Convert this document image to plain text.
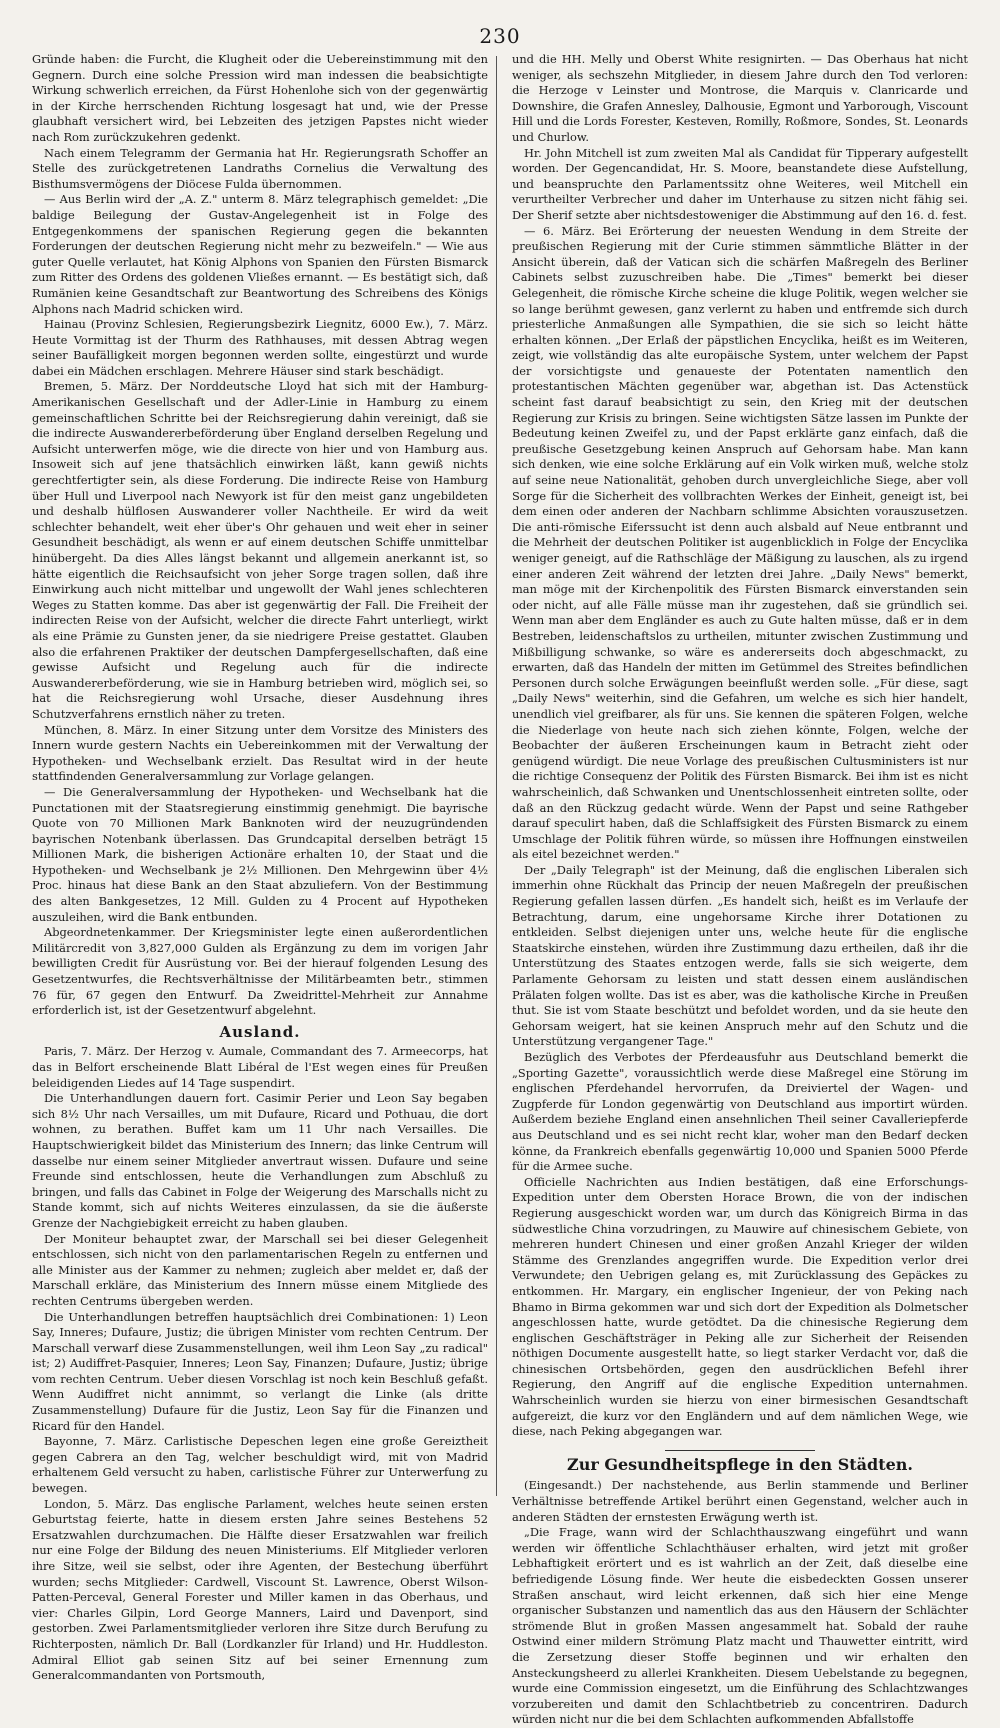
230

Gründe haben: die Furcht, die Klugheit oder die Uebereinstimmung mit den Gegnern. Durch eine solche Pression wird man indessen die beabsichtigte Wirkung schwerlich erreichen, da Fürst Hohenlohe sich von der gegenwärtig in der Kirche herrschenden Richtung losgesagt hat und, wie der Presse glaubhaft versichert wird, bei Lebzeiten des jetzigen Papstes nicht wieder nach Rom zurückzukehren gedenkt.

Nach einem Telegramm der Germania hat Hr. Regierungsrath Schoffer an Stelle des zurückgetretenen Landraths Cornelius die Verwaltung des Bisthumsvermögens der Diöcese Fulda übernommen.

— Aus Berlin wird der „A. Z." unterm 8. März telegraphisch gemeldet: „Die baldige Beilegung der Gustav-Angelegenheit ist in Folge des Entgegenkommens der spanischen Regierung gegen die bekannten Forderungen der deutschen Regierung nicht mehr zu bezweifeln." — Wie aus guter Quelle verlautet, hat König Alphons von Spanien den Fürsten Bismarck zum Ritter des Ordens des goldenen Vließes ernannt. — Es bestätigt sich, daß Rumänien keine Gesandtschaft zur Beantwortung des Schreibens des Königs Alphons nach Madrid schicken wird.

Hainau (Provinz Schlesien, Regierungsbezirk Liegnitz, 6000 Ew.), 7. März. Heute Vormittag ist der Thurm des Rathhauses, mit dessen Abtrag wegen seiner Baufälligkeit morgen begonnen werden sollte, eingestürzt und wurde dabei ein Mädchen erschlagen. Mehrere Häuser sind stark beschädigt.

Bremen, 5. März. Der Norddeutsche Lloyd hat sich mit der Hamburg-Amerikanischen Gesellschaft und der Adler-Linie in Hamburg zu einem gemeinschaftlichen Schritte bei der Reichsregierung dahin vereinigt, daß sie die indirecte Auswandererbeförderung über England derselben Regelung und Aufsicht unterwerfen möge, wie die directe von hier und von Hamburg aus. Insoweit sich auf jene thatsächlich einwirken läßt, kann gewiß nichts gerechtfertigter sein, als diese Forderung. Die indirecte Reise von Hamburg über Hull und Liverpool nach Newyork ist für den meist ganz ungebildeten und deshalb hülflosen Auswanderer voller Nachtheile. Er wird da weit schlechter behandelt, weit eher über's Ohr gehauen und weit eher in seiner Gesundheit beschädigt, als wenn er auf einem deutschen Schiffe unmittelbar hinübergeht. Da dies Alles längst bekannt und allgemein anerkannt ist, so hätte eigentlich die Reichsaufsicht von jeher Sorge tragen sollen, daß ihre Einwirkung auch nicht mittelbar und ungewollt der Wahl jenes schlechteren Weges zu Statten komme. Das aber ist gegenwärtig der Fall. Die Freiheit der indirecten Reise von der Aufsicht, welcher die directe Fahrt unterliegt, wirkt als eine Prämie zu Gunsten jener, da sie niedrigere Preise gestattet. Glauben also die erfahrenen Praktiker der deutschen Dampfergesellschaften, daß eine gewisse Aufsicht und Regelung auch für die indirecte Auswandererbeförderung, wie sie in Hamburg betrieben wird, möglich sei, so hat die Reichsregierung wohl Ursache, dieser Ausdehnung ihres Schutzverfahrens ernstlich näher zu treten.

München, 8. März. In einer Sitzung unter dem Vorsitze des Ministers des Innern wurde gestern Nachts ein Uebereinkommen mit der Verwaltung der Hypotheken- und Wechselbank erzielt. Das Resultat wird in der heute stattfindenden Generalversammlung zur Vorlage gelangen.

— Die Generalversammlung der Hypotheken- und Wechselbank hat die Punctationen mit der Staatsregierung einstimmig genehmigt. Die bayrische Quote von 70 Millionen Mark Banknoten wird der neuzugründenden bayrischen Notenbank überlassen. Das Grundcapital derselben beträgt 15 Millionen Mark, die bisherigen Actionäre erhalten 10, der Staat und die Hypotheken- und Wechselbank je 2½ Millionen. Den Mehrgewinn über 4½ Proc. hinaus hat diese Bank an den Staat abzuliefern. Von der Bestimmung des alten Bankgesetzes, 12 Mill. Gulden zu 4 Procent auf Hypotheken auszuleihen, wird die Bank entbunden.

Abgeordnetenkammer. Der Kriegsminister legte einen außerordentlichen Militärcredit von 3,827,000 Gulden als Ergänzung zu dem im vorigen Jahr bewilligten Credit für Ausrüstung vor. Bei der hierauf folgenden Lesung des Gesetzentwurfes, die Rechtsverhältnisse der Militärbeamten betr., stimmen 76 für, 67 gegen den Entwurf. Da Zweidrittel-Mehrheit zur Annahme erforderlich ist, ist der Gesetzentwurf abgelehnt.

Ausland.

Paris, 7. März. Der Herzog v. Aumale, Commandant des 7. Armeecorps, hat das in Belfort erscheinende Blatt Libéral de l'Est wegen eines für Preußen beleidigenden Liedes auf 14 Tage suspendirt.

Die Unterhandlungen dauern fort. Casimir Perier und Leon Say begaben sich 8½ Uhr nach Versailles, um mit Dufaure, Ricard und Pothuau, die dort wohnen, zu berathen. Buffet kam um 11 Uhr nach Versailles. Die Hauptschwierigkeit bildet das Ministerium des Innern; das linke Centrum will dasselbe nur einem seiner Mitglieder anvertraut wissen. Dufaure und seine Freunde sind entschlossen, heute die Verhandlungen zum Abschluß zu bringen, und falls das Cabinet in Folge der Weigerung des Marschalls nicht zu Stande kommt, sich auf nichts Weiteres einzulassen, da sie die äußerste Grenze der Nachgiebigkeit erreicht zu haben glauben.

Der Moniteur behauptet zwar, der Marschall sei bei dieser Gelegenheit entschlossen, sich nicht von den parlamentarischen Regeln zu entfernen und alle Minister aus der Kammer zu nehmen; zugleich aber meldet er, daß der Marschall erkläre, das Ministerium des Innern müsse einem Mitgliede des rechten Centrums übergeben werden.

Die Unterhandlungen betreffen hauptsächlich drei Combinationen: 1) Leon Say, Inneres; Dufaure, Justiz; die übrigen Minister vom rechten Centrum. Der Marschall verwarf diese Zusammenstellungen, weil ihm Leon Say „zu radical" ist; 2) Audiffret-Pasquier, Inneres; Leon Say, Finanzen; Dufaure, Justiz; übrige vom rechten Centrum. Ueber diesen Vorschlag ist noch kein Beschluß gefaßt. Wenn Audiffret nicht annimmt, so verlangt die Linke (als dritte Zusammenstellung) Dufaure für die Justiz, Leon Say für die Finanzen und Ricard für den Handel.

Bayonne, 7. März. Carlistische Depeschen legen eine große Gereiztheit gegen Cabrera an den Tag, welcher beschuldigt wird, mit von Madrid erhaltenem Geld versucht zu haben, carlistische Führer zur Unterwerfung zu bewegen.

London, 5. März. Das englische Parlament, welches heute seinen ersten Geburtstag feierte, hatte in diesem ersten Jahre seines Bestehens 52 Ersatzwahlen durchzumachen. Die Hälfte dieser Ersatzwahlen war freilich nur eine Folge der Bildung des neuen Ministeriums. Elf Mitglieder verloren ihre Sitze, weil sie selbst, oder ihre Agenten, der Bestechung überführt wurden; sechs Mitglieder: Cardwell, Viscount St. Lawrence, Oberst Wilson-Patten-Perceval, General Forester und Miller kamen in das Oberhaus, und vier: Charles Gilpin, Lord George Manners, Laird und Davenport, sind gestorben. Zwei Parlamentsmitglieder verloren ihre Sitze durch Berufung zu Richterposten, nämlich Dr. Ball (Lordkanzler für Irland) und Hr. Huddleston. Admiral Elliot gab seinen Sitz auf bei seiner Ernennung zum Generalcommandanten von Portsmouth,

und die HH. Melly und Oberst White resignirten. — Das Oberhaus hat nicht weniger, als sechszehn Mitglieder, in diesem Jahre durch den Tod verloren: die Herzoge v Leinster und Montrose, die Marquis v. Clanricarde und Downshire, die Grafen Annesley, Dalhousie, Egmont und Yarborough, Viscount Hill und die Lords Forester, Kesteven, Romilly, Roßmore, Sondes, St. Leonards und Churlow.

Hr. John Mitchell ist zum zweiten Mal als Candidat für Tipperary aufgestellt worden. Der Gegencandidat, Hr. S. Moore, beanstandete diese Aufstellung, und beanspruchte den Parlamentssitz ohne Weiteres, weil Mitchell ein verurtheilter Verbrecher und daher im Unterhause zu sitzen nicht fähig sei. Der Sherif setzte aber nichtsdestoweniger die Abstimmung auf den 16. d. fest.

— 6. März. Bei Erörterung der neuesten Wendung in dem Streite der preußischen Regierung mit der Curie stimmen sämmtliche Blätter in der Ansicht überein, daß der Vatican sich die schärfen Maßregeln des Berliner Cabinets selbst zuzuschreiben habe. Die „Times" bemerkt bei dieser Gelegenheit, die römische Kirche scheine die kluge Politik, wegen welcher sie so lange berühmt gewesen, ganz verlernt zu haben und entfremde sich durch priesterliche Anmaßungen alle Sympathien, die sie sich so leicht hätte erhalten können. „Der Erlaß der päpstlichen Encyclika, heißt es im Weiteren, zeigt, wie vollständig das alte europäische System, unter welchem der Papst der vorsichtigste und genaueste der Potentaten namentlich den protestantischen Mächten gegenüber war, abgethan ist. Das Actenstück scheint fast darauf beabsichtigt zu sein, den Krieg mit der deutschen Regierung zur Krisis zu bringen. Seine wichtigsten Sätze lassen im Punkte der Bedeutung keinen Zweifel zu, und der Papst erklärte ganz einfach, daß die preußische Gesetzgebung keinen Anspruch auf Gehorsam habe. Man kann sich denken, wie eine solche Erklärung auf ein Volk wirken muß, welche stolz auf seine neue Nationalität, gehoben durch unvergleichliche Siege, aber voll Sorge für die Sicherheit des vollbrachten Werkes der Einheit, geneigt ist, bei dem einen oder anderen der Nachbarn schlimme Absichten vorauszusetzen. Die anti-römische Eiferssucht ist denn auch alsbald auf Neue entbrannt und die Mehrheit der deutschen Politiker ist augenblicklich in Folge der Encyclika weniger geneigt, auf die Rathschläge der Mäßigung zu lauschen, als zu irgend einer anderen Zeit während der letzten drei Jahre. „Daily News" bemerkt, man möge mit der Kirchenpolitik des Fürsten Bismarck einverstanden sein oder nicht, auf alle Fälle müsse man ihr zugestehen, daß sie gründlich sei. Wenn man aber dem Engländer es auch zu Gute halten müsse, daß er in dem Bestreben, leidenschaftslos zu urtheilen, mitunter zwischen Zustimmung und Mißbilligung schwanke, so wäre es andererseits doch abgeschmackt, zu erwarten, daß das Handeln der mitten im Getümmel des Streites befindlichen Personen durch solche Erwägungen beeinflußt werden solle. „Für diese, sagt „Daily News" weiterhin, sind die Gefahren, um welche es sich hier handelt, unendlich viel greifbarer, als für uns. Sie kennen die späteren Folgen, welche die Niederlage von heute nach sich ziehen könnte, Folgen, welche der Beobachter der äußeren Erscheinungen kaum in Betracht zieht oder genügend würdigt. Die neue Vorlage des preußischen Cultusministers ist nur die richtige Consequenz der Politik des Fürsten Bismarck. Bei ihm ist es nicht wahrscheinlich, daß Schwanken und Unentschlossenheit eintreten sollte, oder daß an den Rückzug gedacht würde. Wenn der Papst und seine Rathgeber darauf speculirt haben, daß die Schlaffsigkeit des Fürsten Bismarck zu einem Umschlage der Politik führen würde, so müssen ihre Hoffnungen einstweilen als eitel bezeichnet werden."

Der „Daily Telegraph" ist der Meinung, daß die englischen Liberalen sich immerhin ohne Rückhalt das Princip der neuen Maßregeln der preußischen Regierung gefallen lassen dürfen. „Es handelt sich, heißt es im Verlaufe der Betrachtung, darum, eine ungehorsame Kirche ihrer Dotationen zu entkleiden. Selbst diejenigen unter uns, welche heute für die englische Staatskirche einstehen, würden ihre Zustimmung dazu ertheilen, daß ihr die Unterstützung des Staates entzogen werde, falls sie sich weigerte, dem Parlamente Gehorsam zu leisten und statt dessen einem ausländischen Prälaten folgen wollte. Das ist es aber, was die katholische Kirche in Preußen thut. Sie ist vom Staate beschützt und befoldet worden, und da sie heute den Gehorsam weigert, hat sie keinen Anspruch mehr auf den Schutz und die Unterstützung vergangener Tage."

Bezüglich des Verbotes der Pferdeausfuhr aus Deutschland bemerkt die „Sporting Gazette", voraussichtlich werde diese Maßregel eine Störung im englischen Pferdehandel hervorrufen, da Dreiviertel der Wagen- und Zugpferde für London gegenwärtig von Deutschland aus importirt würden. Außerdem beziehe England einen ansehnlichen Theil seiner Cavalleriepferde aus Deutschland und es sei nicht recht klar, woher man den Bedarf decken könne, da Frankreich ebenfalls gegenwärtig 10,000 und Spanien 5000 Pferde für die Armee suche.

Officielle Nachrichten aus Indien bestätigen, daß eine Erforschungs-Expedition unter dem Obersten Horace Brown, die von der indischen Regierung ausgeschickt worden war, um durch das Königreich Birma in das südwestliche China vorzudringen, zu Mauwire auf chinesischem Gebiete, von mehreren hundert Chinesen und einer großen Anzahl Krieger der wilden Stämme des Grenzlandes angegriffen wurde. Die Expedition verlor drei Verwundete; den Uebrigen gelang es, mit Zurücklassung des Gepäckes zu entkommen. Hr. Margary, ein englischer Ingenieur, der von Peking nach Bhamo in Birma gekommen war und sich dort der Expedition als Dolmetscher angeschlossen hatte, wurde getödtet. Da die chinesische Regierung dem englischen Geschäftsträger in Peking alle zur Sicherheit der Reisenden nöthigen Documente ausgestellt hatte, so liegt starker Verdacht vor, daß die chinesischen Ortsbehörden, gegen den ausdrücklichen Befehl ihrer Regierung, den Angriff auf die englische Expedition unternahmen. Wahrscheinlich wurden sie hierzu von einer birmesischen Gesandtschaft aufgereizt, die kurz vor den Engländern und auf dem nämlichen Wege, wie diese, nach Peking abgegangen war.

Zur Gesundheitspflege in den Städten.

(Eingesandt.) Der nachstehende, aus Berlin stammende und Berliner Verhältnisse betreffende Artikel berührt einen Gegenstand, welcher auch in anderen Städten der ernstesten Erwägung werth ist.

„Die Frage, wann wird der Schlachthauszwang eingeführt und wann werden wir öffentliche Schlachthäuser erhalten, wird jetzt mit großer Lebhaftigkeit erörtert und es ist wahrlich an der Zeit, daß dieselbe eine befriedigende Lösung finde. Wer heute die eisbedeckten Gossen unserer Straßen anschaut, wird leicht erkennen, daß sich hier eine Menge organischer Substanzen und namentlich das aus den Häusern der Schlächter strömende Blut in großen Massen angesammelt hat. Sobald der rauhe Ostwind einer mildern Strömung Platz macht und Thauwetter eintritt, wird die Zersetzung dieser Stoffe beginnen und wir erhalten den Ansteckungsheerd zu allerlei Krankheiten. Diesem Uebelstande zu begegnen, wurde eine Commission eingesetzt, um die Einführung des Schlachtzwanges vorzubereiten und damit den Schlachtbetrieb zu concentriren. Dadurch würden nicht nur die bei dem Schlachten aufkommenden Abfallstoffe
